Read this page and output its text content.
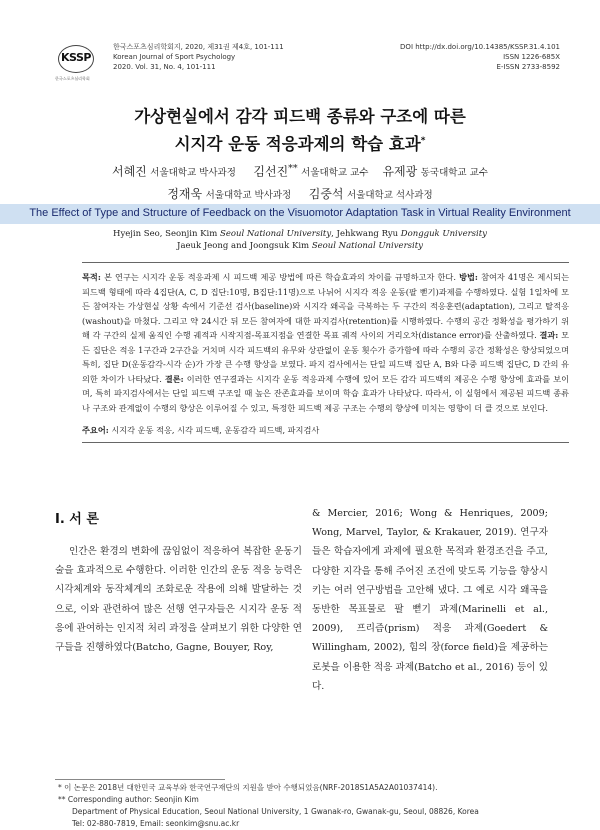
KSSP
한국스포츠심리학회
한국스포츠심리학회지, 2020, 제31권 제4호, 101-111
Korean Journal of Sport Psychology
2020. Vol. 31, No. 4, 101-111
DOI http://dx.doi.org/10.14385/KSSP.31.4.101
ISSN 1226-685X
E-ISSN 2733-8592
가상현실에서 감각 피드백 종류와 구조에 따른
시지각 운동 적응과제의 학습 효과*
서혜진 서울대학교 박사과정 김선진** 서울대학교 교수 유제광 동국대학교 교수
정재욱 서울대학교 박사과정 김중석 서울대학교 석사과정
The Effect of Type and Structure of Feedback on the Visuomotor Adaptation Task in Virtual Reality Environment
Hyejin Seo, Seonjin Kim Seoul National University, Jehkwang Ryu Dongguk University
Jaeuk Jeong and Joongsuk Kim Seoul National University

목적: 본 연구는 시지각 운동 적응과제 시 피드백 제공 방법에 따른 학습효과의 차이를 규명하고자 한다. 방법: 참여자 41명은 제시되는 피드백 형태에 따라 4집단(A, C, D 집단:10명, B집단:11명)으로 나뉘어 시지각 적응 운동(팔 뻗기)과제를 수행하였다. 실험 1일차에 모든 참여자는 가상현실 상황 속에서 기준선 검사(baseline)와 시지각 왜곡을 극복하는 두 구간의 적응훈련(adaptation), 그리고 탈적응(washout)을 마쳤다. 그리고 약 24시간 뒤 모든 참여자에 대한 파지검사(retention)를 시행하였다. 수행의 공간 정확성을 평가하기 위해 각 구간의 실제 움직인 수행 궤적과 시작지점-목표지점을 연결한 목표 궤적 사이의 거리오차(distance error)를 산출하였다. 결과: 모든 집단은 적응 1구간과 2구간을 거치며 시각 피드백의 유무와 상관없이 운동 횟수가 증가함에 따라 수행의 공간 정확성은 향상되었으며 특히, 집단 D(운동감각-시각 순)가 가장 큰 수행 향상을 보였다. 파지 검사에서는 단일 피드백 집단 A, B와 다중 피드백 집단C, D 간의 유의한 차이가 나타났다. 결론: 이러한 연구결과는 시지각 운동 적응과제 수행에 있어 모든 감각 피드백의 제공은 수행 향상에 효과를 보이며, 특히 파지검사에서는 단일 피드백 구조일 때 높은 잔존효과를 보이며 학습 효과가 나타났다. 따라서, 이 실험에서 제공된 피드백 종류나 구조와 관계없이 수행의 향상은 이루어질 수 있고, 특정한 피드백 제공 구조는 수행의 향상에 미치는 영향이 더 클 것으로 보인다.

주요어: 시지각 운동 적응, 시각 피드백, 운동감각 피드백, 파지검사
I. 서 론
인간은 환경의 변화에 끊임없이 적응하여 복잡한 운동기술을 효과적으로 수행한다. 이러한 인간의 운동 적응 능력은 시각체계와 동작체계의 조화로운 작용에 의해 발달하는 것으로, 이와 관련하여 많은 선행 연구자들은 시지각 운동 적응에 관여하는 인지적 처리 과정을 살펴보기 위한 다양한 연구들을 진행하였다(Batcho, Gagne, Bouyer, Roy,
& Mercier, 2016; Wong & Henriques, 2009; Wong, Marvel, Taylor, & Krakauer, 2019). 연구자들은 학습자에게 과제에 필요한 목적과 환경조건을 주고, 다양한 지각을 통해 주어진 조건에 맞도록 기능을 향상시키는 여러 연구방법을 고안해 냈다. 그 예로 시각 왜곡을 동반한 목표물로 팔 뻗기 과제(Marinelli et al., 2009), 프리즘(prism) 적응 과제(Goedert & Willingham, 2002), 힘의 장(force field)을 제공하는 로봇을 이용한 적응 과제(Batcho et al., 2016) 등이 있다.
* 이 논문은 2018년 대한민국 교육부와 한국연구재단의 지원을 받아 수행되었음(NRF-2018S1A5A2A01037414).
** Corresponding author: Seonjin Kim
Department of Physical Education, Seoul National University, 1 Gwanak-ro, Gwanak-gu, Seoul, 08826, Korea
Tel: 02-880-7819, Email: seonkim@snu.ac.kr
